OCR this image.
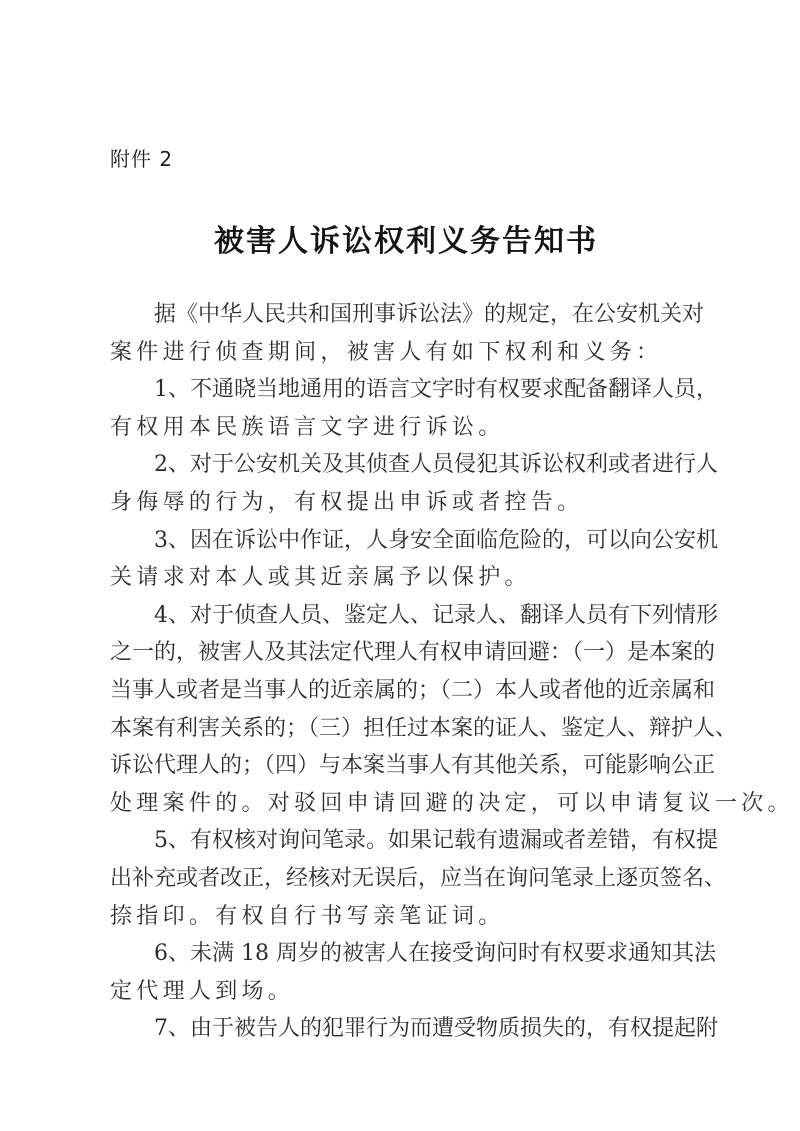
附件 2
被害人诉讼权利义务告知书
据《中华人民共和国刑事诉讼法》的规定，在公安机关对
案件进行侦查期间，被害人有如下权利和义务：
1、不通晓当地通用的语言文字时有权要求配备翻译人员，
有权用本民族语言文字进行诉讼。
2、对于公安机关及其侦查人员侵犯其诉讼权利或者进行人
身侮辱的行为，有权提出申诉或者控告。
3、因在诉讼中作证，人身安全面临危险的，可以向公安机
关请求对本人或其近亲属予以保护。
4、对于侦查人员、鉴定人、记录人、翻译人员有下列情形
之一的，被害人及其法定代理人有权申请回避：（一）是本案的
当事人或者是当事人的近亲属的；（二）本人或者他的近亲属和
本案有利害关系的；（三）担任过本案的证人、鉴定人、辩护人、
诉讼代理人的；（四）与本案当事人有其他关系，可能影响公正
处理案件的。对驳回申请回避的决定，可以申请复议一次。
5、有权核对询问笔录。如果记载有遗漏或者差错，有权提
出补充或者改正，经核对无误后，应当在询问笔录上逐页签名、
捺指印。有权自行书写亲笔证词。
6、未满 18 周岁的被害人在接受询问时有权要求通知其法
定代理人到场。
7、由于被告人的犯罪行为而遭受物质损失的，有权提起附
